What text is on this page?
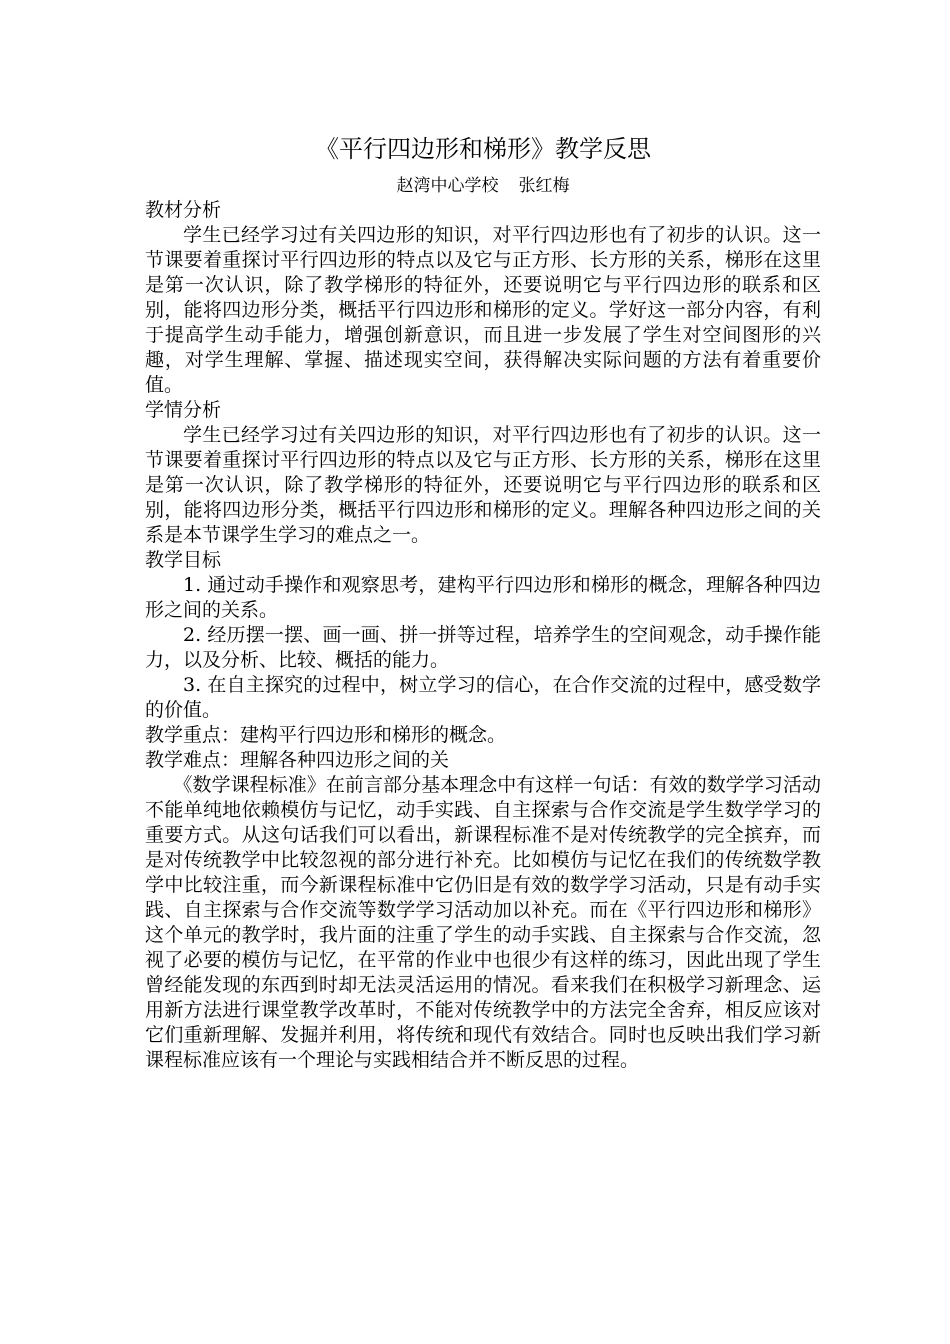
《平行四边形和梯形》教学反思

赵湾中心学校 张红梅

教材分析

学生已经学习过有关四边形的知识，对平行四边形也有了初步的认识。这一节课要着重探讨平行四边形的特点以及它与正方形、长方形的关系，梯形在这里是第一次认识，除了教学梯形的特征外，还要说明它与平行四边形的联系和区别，能将四边形分类，概括平行四边形和梯形的定义。学好这一部分内容，有利于提高学生动手能力，增强创新意识，而且进一步发展了学生对空间图形的兴趣，对学生理解、掌握、描述现实空间，获得解决实际问题的方法有着重要价值。

学情分析

学生已经学习过有关四边形的知识，对平行四边形也有了初步的认识。这一节课要着重探讨平行四边形的特点以及它与正方形、长方形的关系，梯形在这里是第一次认识，除了教学梯形的特征外，还要说明它与平行四边形的联系和区别，能将四边形分类，概括平行四边形和梯形的定义。理解各种四边形之间的关系是本节课学生学习的难点之一。

教学目标

1. 通过动手操作和观察思考，建构平行四边形和梯形的概念，理解各种四边形之间的关系。

2. 经历摆一摆、画一画、拼一拼等过程，培养学生的空间观念，动手操作能力，以及分析、比较、概括的能力。

3. 在自主探究的过程中，树立学习的信心，在合作交流的过程中，感受数学的价值。

教学重点：建构平行四边形和梯形的概念。

教学难点：理解各种四边形之间的关

《数学课程标准》在前言部分基本理念中有这样一句话：有效的数学学习活动不能单纯地依赖模仿与记忆，动手实践、自主探索与合作交流是学生数学学习的重要方式。从这句话我们可以看出，新课程标准不是对传统教学的完全摈弃，而是对传统教学中比较忽视的部分进行补充。比如模仿与记忆在我们的传统数学教学中比较注重，而今新课程标准中它仍旧是有效的数学学习活动，只是有动手实践、自主探索与合作交流等数学学习活动加以补充。而在《平行四边形和梯形》这个单元的教学时，我片面的注重了学生的动手实践、自主探索与合作交流，忽视了必要的模仿与记忆，在平常的作业中也很少有这样的练习，因此出现了学生曾经能发现的东西到时却无法灵活运用的情况。看来我们在积极学习新理念、运用新方法进行课堂教学改革时，不能对传统教学中的方法完全舍弃，相反应该对它们重新理解、发掘并利用，将传统和现代有效结合。同时也反映出我们学习新课程标准应该有一个理论与实践相结合并不断反思的过程。
